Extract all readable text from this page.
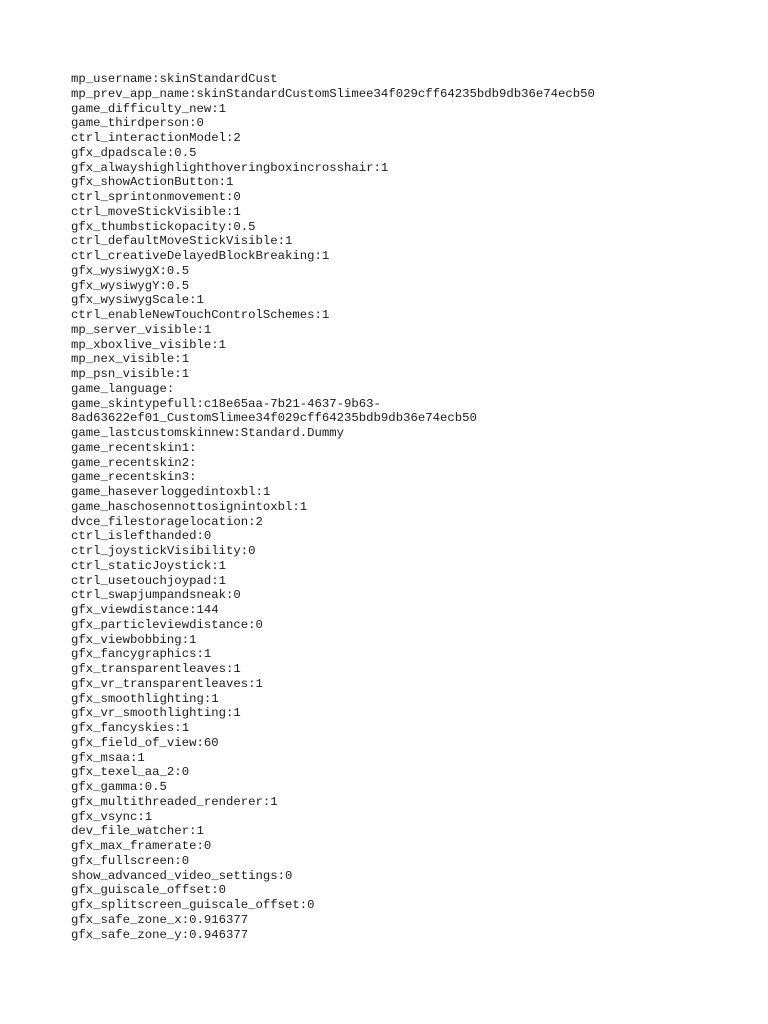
mp_username:skinStandardCust
mp_prev_app_name:skinStandardCustomSlimee34f029cff64235bdb9db36e74ecb50
game_difficulty_new:1
game_thirdperson:0
ctrl_interactionModel:2
gfx_dpadscale:0.5
gfx_alwayshighlighthoveringboxincrosshair:1
gfx_showActionButton:1
ctrl_sprintonmovement:0
ctrl_moveStickVisible:1
gfx_thumbstickopacity:0.5
ctrl_defaultMoveStickVisible:1
ctrl_creativeDelayedBlockBreaking:1
gfx_wysiwygX:0.5
gfx_wysiwygY:0.5
gfx_wysiwygScale:1
ctrl_enableNewTouchControlSchemes:1
mp_server_visible:1
mp_xboxlive_visible:1
mp_nex_visible:1
mp_psn_visible:1
game_language:
game_skintypefull:c18e65aa-7b21-4637-9b63-
8ad63622ef01_CustomSlimee34f029cff64235bdb9db36e74ecb50
game_lastcustomskinnew:Standard.Dummy
game_recentskin1:
game_recentskin2:
game_recentskin3:
game_haseverloggedintoxbl:1
game_haschosennottosignintoxbl:1
dvce_filestoragelocation:2
ctrl_islefthanded:0
ctrl_joystickVisibility:0
ctrl_staticJoystick:1
ctrl_usetouchjoypad:1
ctrl_swapjumpandsneak:0
gfx_viewdistance:144
gfx_particleviewdistance:0
gfx_viewbobbing:1
gfx_fancygraphics:1
gfx_transparentleaves:1
gfx_vr_transparentleaves:1
gfx_smoothlighting:1
gfx_vr_smoothlighting:1
gfx_fancyskies:1
gfx_field_of_view:60
gfx_msaa:1
gfx_texel_aa_2:0
gfx_gamma:0.5
gfx_multithreaded_renderer:1
gfx_vsync:1
dev_file_watcher:1
gfx_max_framerate:0
gfx_fullscreen:0
show_advanced_video_settings:0
gfx_guiscale_offset:0
gfx_splitscreen_guiscale_offset:0
gfx_safe_zone_x:0.916377
gfx_safe_zone_y:0.946377
